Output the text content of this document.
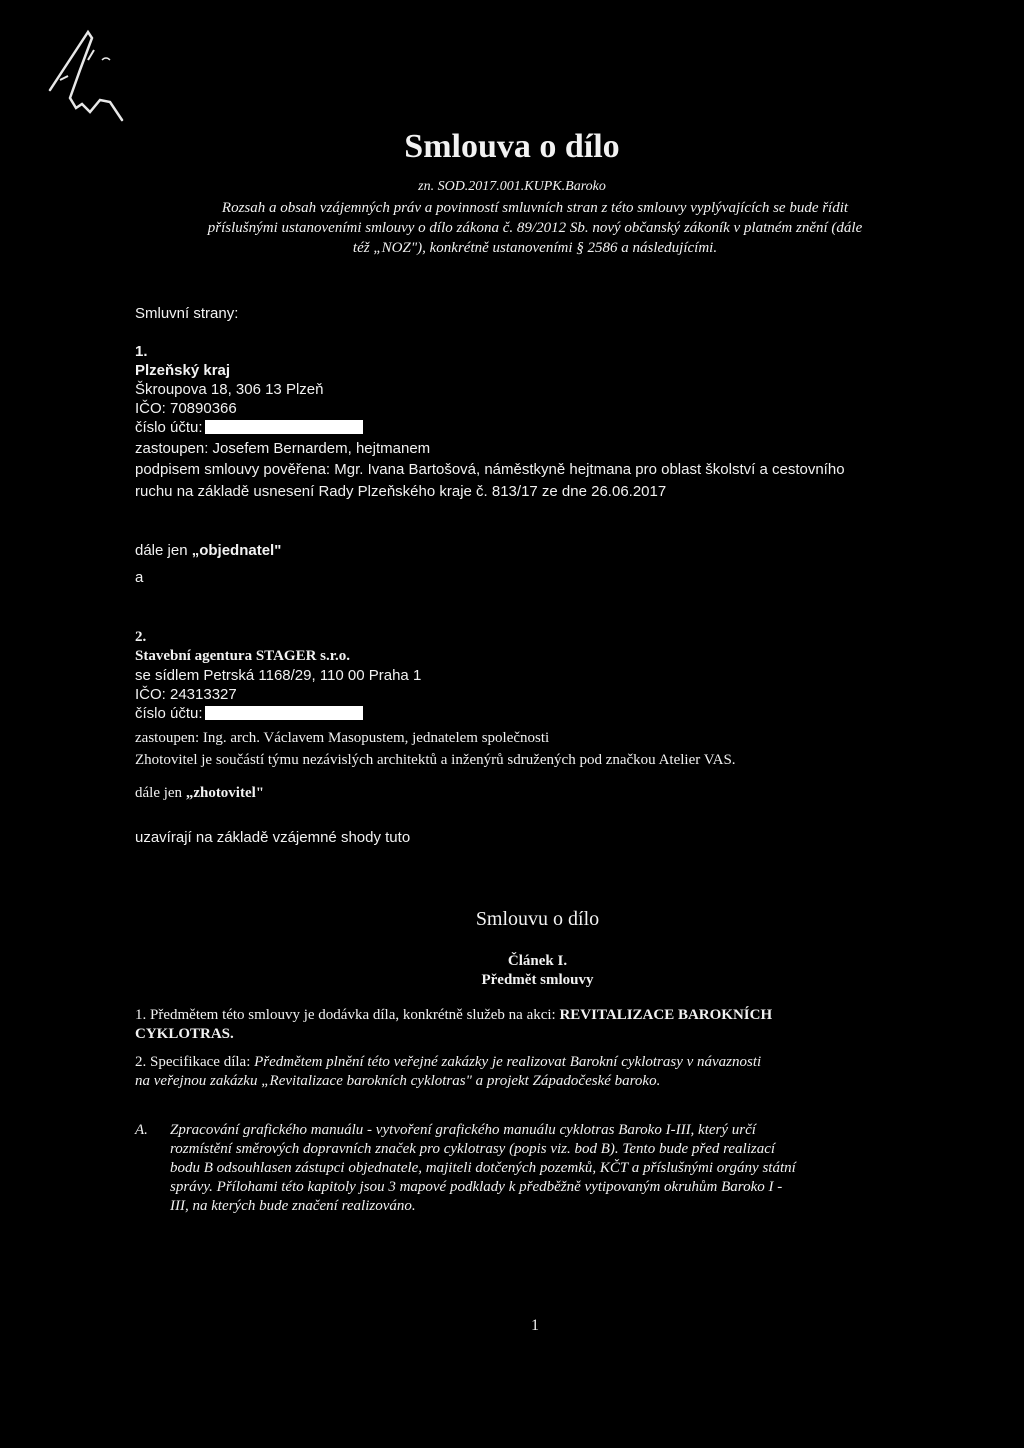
Smlouva o dílo
zn. SOD.2017.001.KUPK.Baroko
Rozsah a obsah vzájemných práv a povinností smluvních stran z této smlouvy vyplývajících se bude řídit
příslušnými ustanoveními smlouvy o dílo zákona č. 89/2012 Sb. nový občanský zákoník v platném znění (dále
též „NOZ"), konkrétně ustanoveními § 2586 a následujícími.
Smluvní strany:
1.
Plzeňský kraj
Škroupova 18, 306 13 Plzeň
IČO: 70890366
číslo účtu:
zastoupen: Josefem Bernardem, hejtmanem
podpisem smlouvy pověřena: Mgr. Ivana Bartošová, náměstkyně hejtmana pro oblast školství a cestovního
ruchu na základě usnesení Rady Plzeňského kraje č. 813/17 ze dne 26.06.2017
dále jen „objednatel"
a
2.
Stavební agentura STAGER s.r.o.
se sídlem Petrská 1168/29, 110 00 Praha 1
IČO: 24313327
číslo účtu:
zastoupen: Ing. arch. Václavem Masopustem, jednatelem společnosti
Zhotovitel je součástí týmu nezávislých architektů a inženýrů sdružených pod značkou Atelier VAS.
dále jen „zhotovitel"
uzavírají na základě vzájemné shody tuto
Smlouvu o dílo
Článek I.
Předmět smlouvy
1. Předmětem této smlouvy je dodávka díla, konkrétně služeb na akci: REVITALIZACE BAROKNÍCH
CYKLOTRAS.
2. Specifikace díla: Předmětem plnění této veřejné zakázky je realizovat Barokní cyklotrasy v návaznosti
na veřejnou zakázku „Revitalizace barokních cyklotras" a projekt Západočeské baroko.
A. Zpracování grafického manuálu - vytvoření grafického manuálu cyklotras Baroko I-III, který určí
rozmístění směrových dopravních značek pro cyklotrasy (popis viz. bod B). Tento bude před realizací
bodu B odsouhlasen zástupci objednatele, majiteli dotčených pozemků, KČT a příslušnými orgány státní
správy. Přílohami této kapitoly jsou 3 mapové podklady k předběžně vytipovaným okruhům Baroko I -
III, na kterých bude značení realizováno.
1
